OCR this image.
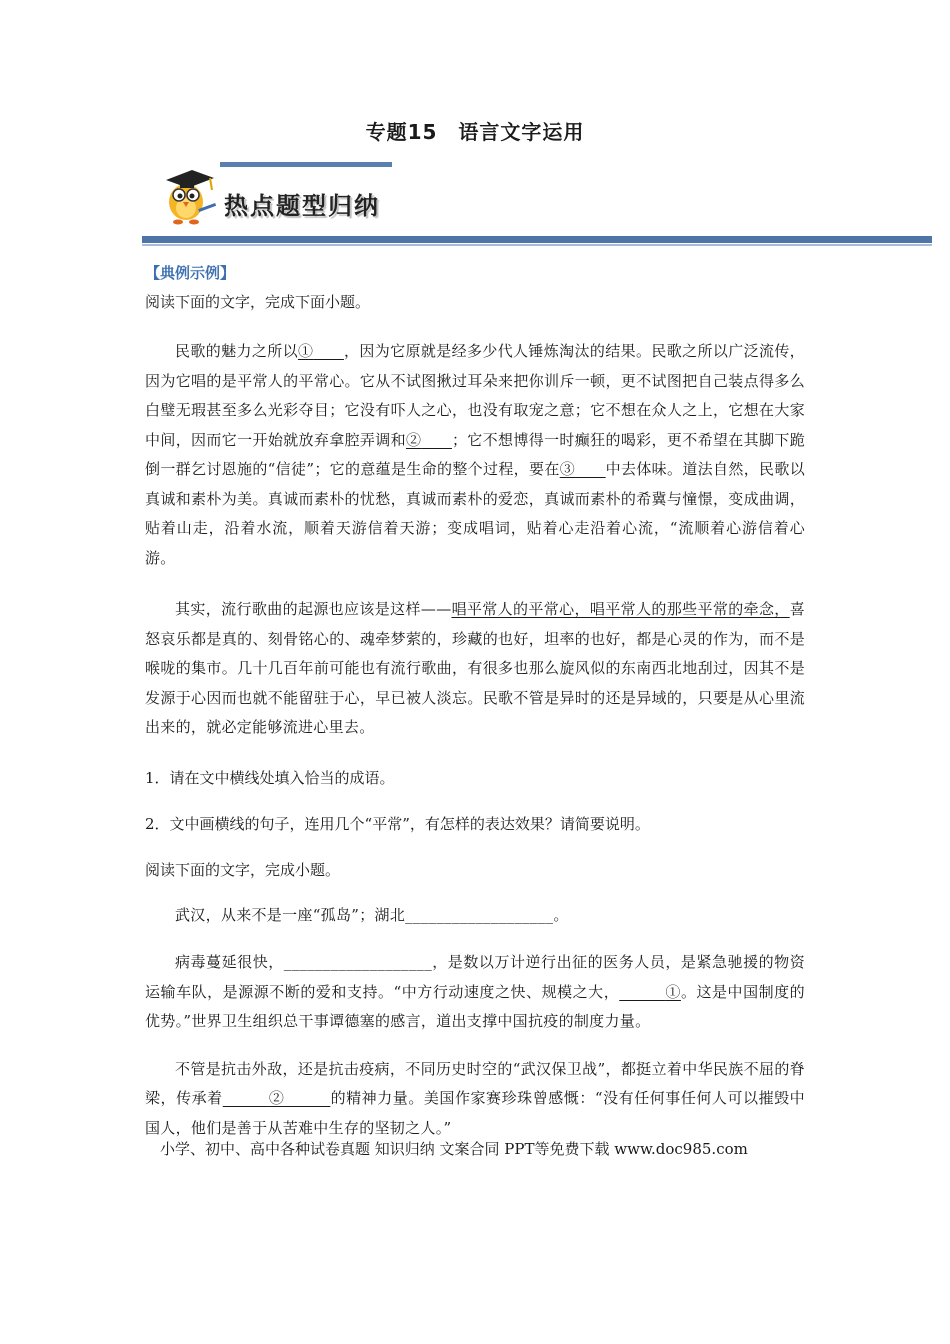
专题15　语言文字运用
热点题型归纳

【典例示例】

阅读下面的文字，完成下面小题。

民歌的魅力之所以①   ，因为它原就是经多少代人锤炼淘汰的结果。民歌之所以广泛流传，因为它唱的是平常人的平常心。它从不试图揪过耳朵来把你训斥一顿，更不试图把自己装点得多么白璧无瑕甚至多么光彩夺目；它没有吓人之心，也没有取宠之意；它不想在众人之上，它想在大家中间，因而它一开始就放弃拿腔弄调和②   ；它不想博得一时癫狂的喝彩，更不希望在其脚下跪倒一群乞讨恩施的“信徒”；它的意蕴是生命的整个过程，要在③   中去体味。道法自然，民歌以真诚和素朴为美。真诚而素朴的忧愁，真诚而素朴的爱恋，真诚而素朴的希冀与憧憬，变成曲调，贴着山走，沿着水流，顺着天游信着天游；变成唱词，贴着心走沿着心流，“流顺着心游信着心游。

其实，流行歌曲的起源也应该是这样——唱平常人的平常心，唱平常人的那些平常的牵念，喜怒哀乐都是真的、刻骨铭心的、魂牵梦萦的，珍藏的也好，坦率的也好，都是心灵的作为，而不是喉咙的集市。几十几百年前可能也有流行歌曲，有很多也那么旋风似的东南西北地刮过，因其不是发源于心因而也就不能留驻于心，早已被人淡忘。民歌不管是异时的还是异域的，只要是从心里流出来的，就必定能够流进心里去。

1．请在文中横线处填入恰当的成语。

2．文中画横线的句子，连用几个“平常”，有怎样的表达效果？请简要说明。

阅读下面的文字，完成小题。

武汉，从来不是一座“孤岛”；湖北___________________。

病毒蔓延很快，___________________，是数以万计逆行出征的医务人员，是紧急驰援的物资运输车队，是源源不断的爱和支持。“中方行动速度之快、规模之大，   	①。这是中国制度的优势。”世界卫生组织总干事谭德塞的感言，道出支撑中国抗疫的制度力量。

不管是抗击外敌，还是抗击疫病，不同历史时空的“武汉保卫战”，都挺立着中华民族不屈的脊梁，传承着   	②   	的精神力量。美国作家赛珍珠曾感慨：“没有任何事任何人可以摧毁中国人，他们是善于从苦难中生存的坚韧之人。”

小学、初中、高中各种试卷真题 知识归纳 文案合同 PPT等免费下载 www.doc985.com
